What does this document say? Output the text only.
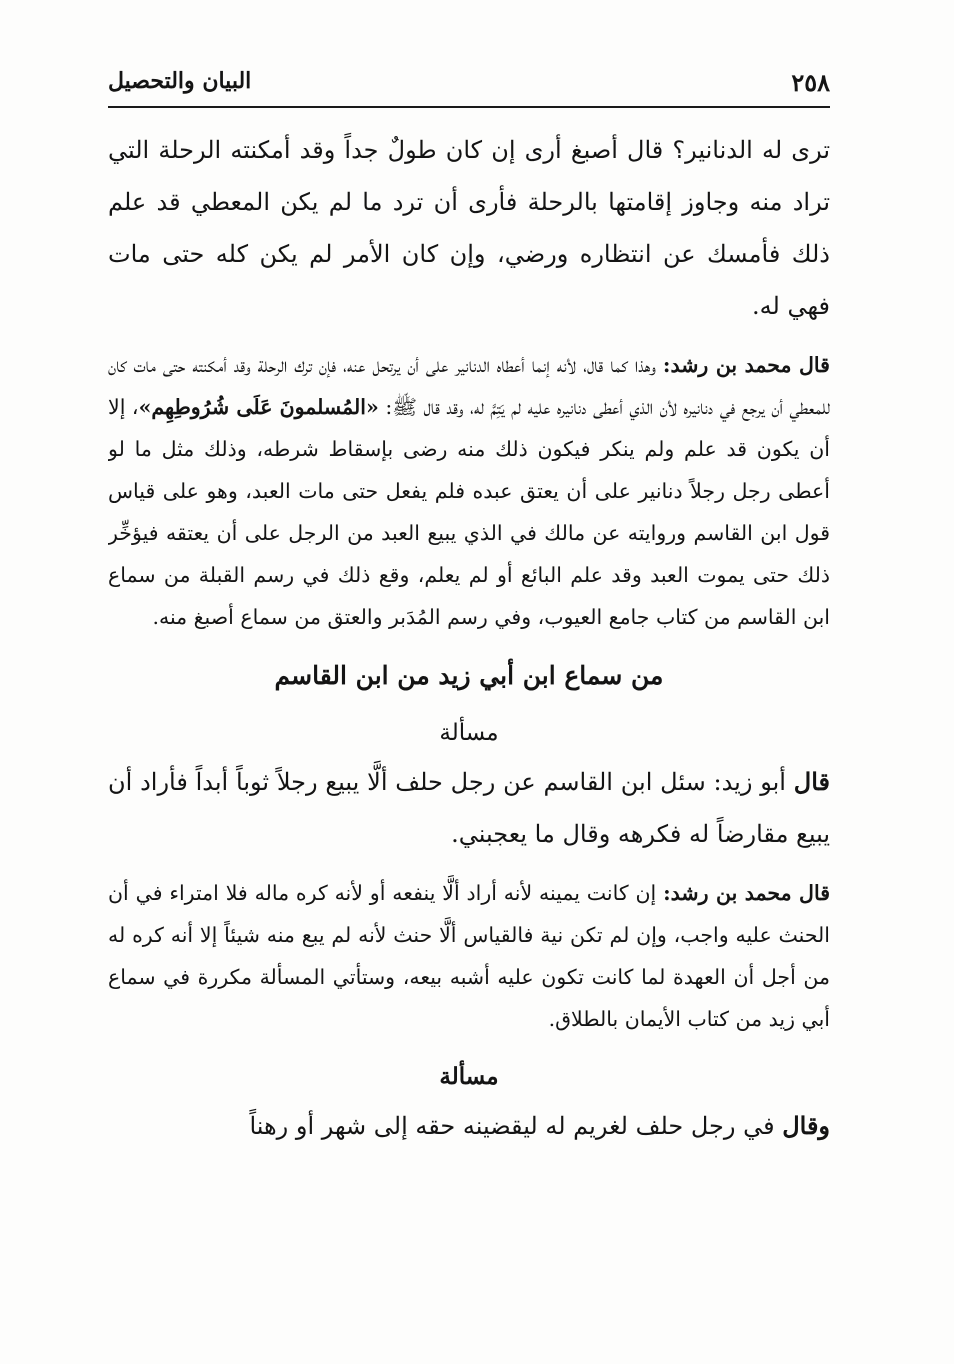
٢٥٨
البيان والتحصيل

ترى له الدنانير؟ قال أصبغ أرى إن كان طولٌ جداً وقد أمكنته الرحلة التي تراد منه وجاوز إقامتها بالرحلة فأرى أن ترد ما لم يكن المعطي قد علم ذلك فأمسك عن انتظاره ورضي، وإن كان الأمر لم يكن كله حتى مات فهي له.

قال محمد بن رشد: وهذا كما قال، لأنه إنما أعطاه الدنانير على أن يرتحل عنه، فإن ترك الرحلة وقد أمكنته حتى مات كان للمعطي أن يرجع في دنانيره لأن الذي أعطى دنانيره عليه لم يَتِمَّ له، وقد قال ﷺ: «المُسلمونَ عَلَى شُرُوطِهِم»، إلا أن يكون قد علم ولم ينكر فيكون ذلك منه رضى بإسقاط شرطه، وذلك مثل ما لو أعطى رجل رجلاً دنانير على أن يعتق عبده فلم يفعل حتى مات العبد، وهو على قياس قول ابن القاسم وروايته عن مالك في الذي يبيع العبد من الرجل على أن يعتقه فيؤخِّر ذلك حتى يموت العبد وقد علم البائع أو لم يعلم، وقع ذلك في رسم القبلة من سماع ابن القاسم من كتاب جامع العيوب، وفي رسم المُدَبر والعتق من سماع أصبغ منه.

من سماع ابن أبي زيد من ابن القاسم
مسألة

قال أبو زيد: سئل ابن القاسم عن رجل حلف ألَّا يبيع رجلاً ثوباً أبداً فأراد أن يبيع مقارضاً له فكرهه وقال ما يعجبني.

قال محمد بن رشد: إن كانت يمينه لأنه أراد ألَّا ينفعه أو لأنه كره ماله فلا امتراء في أن الحنث عليه واجب، وإن لم تكن نية فالقياس ألَّا حنث لأنه لم يبع منه شيئاً إلا أنه كره له من أجل أن العهدة لما كانت تكون عليه أشبه بيعه، وستأتي المسألة مكررة في سماع أبي زيد من كتاب الأيمان بالطلاق.

مسألة

وقال في رجل حلف لغريم له ليقضينه حقه إلى شهر أو رهناً
